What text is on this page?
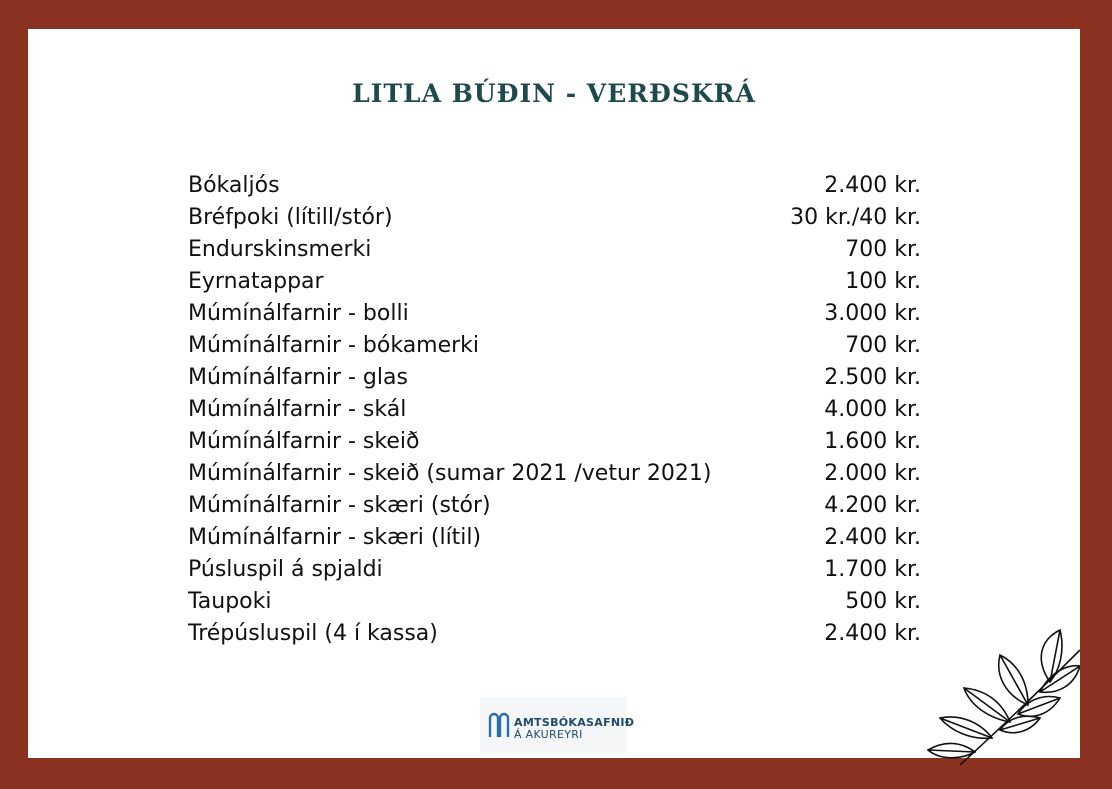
LITLA BÚÐIN - VERÐSKRÁ
Bókaljós	2.400 kr.
Bréfpoki (lítill/stór)	30 kr./40 kr.
Endurskinsmerki	700 kr.
Eyrnatappar	100 kr.
Múmínálfarnir - bolli	3.000 kr.
Múmínálfarnir - bókamerki	700 kr.
Múmínálfarnir - glas	2.500 kr.
Múmínálfarnir - skál	4.000 kr.
Múmínálfarnir - skeið	1.600 kr.
Múmínálfarnir - skeið (sumar 2021 /vetur 2021)	2.000 kr.
Múmínálfarnir - skæri (stór)	4.200 kr.
Múmínálfarnir - skæri (lítil)	2.400 kr.
Púsluspil á spjaldi	1.700 kr.
Taupoki	500 kr.
Trépúsluspil (4 í kassa)	2.400 kr.
AMTSBÓKASAFNIÐ
Á AKUREYRI
